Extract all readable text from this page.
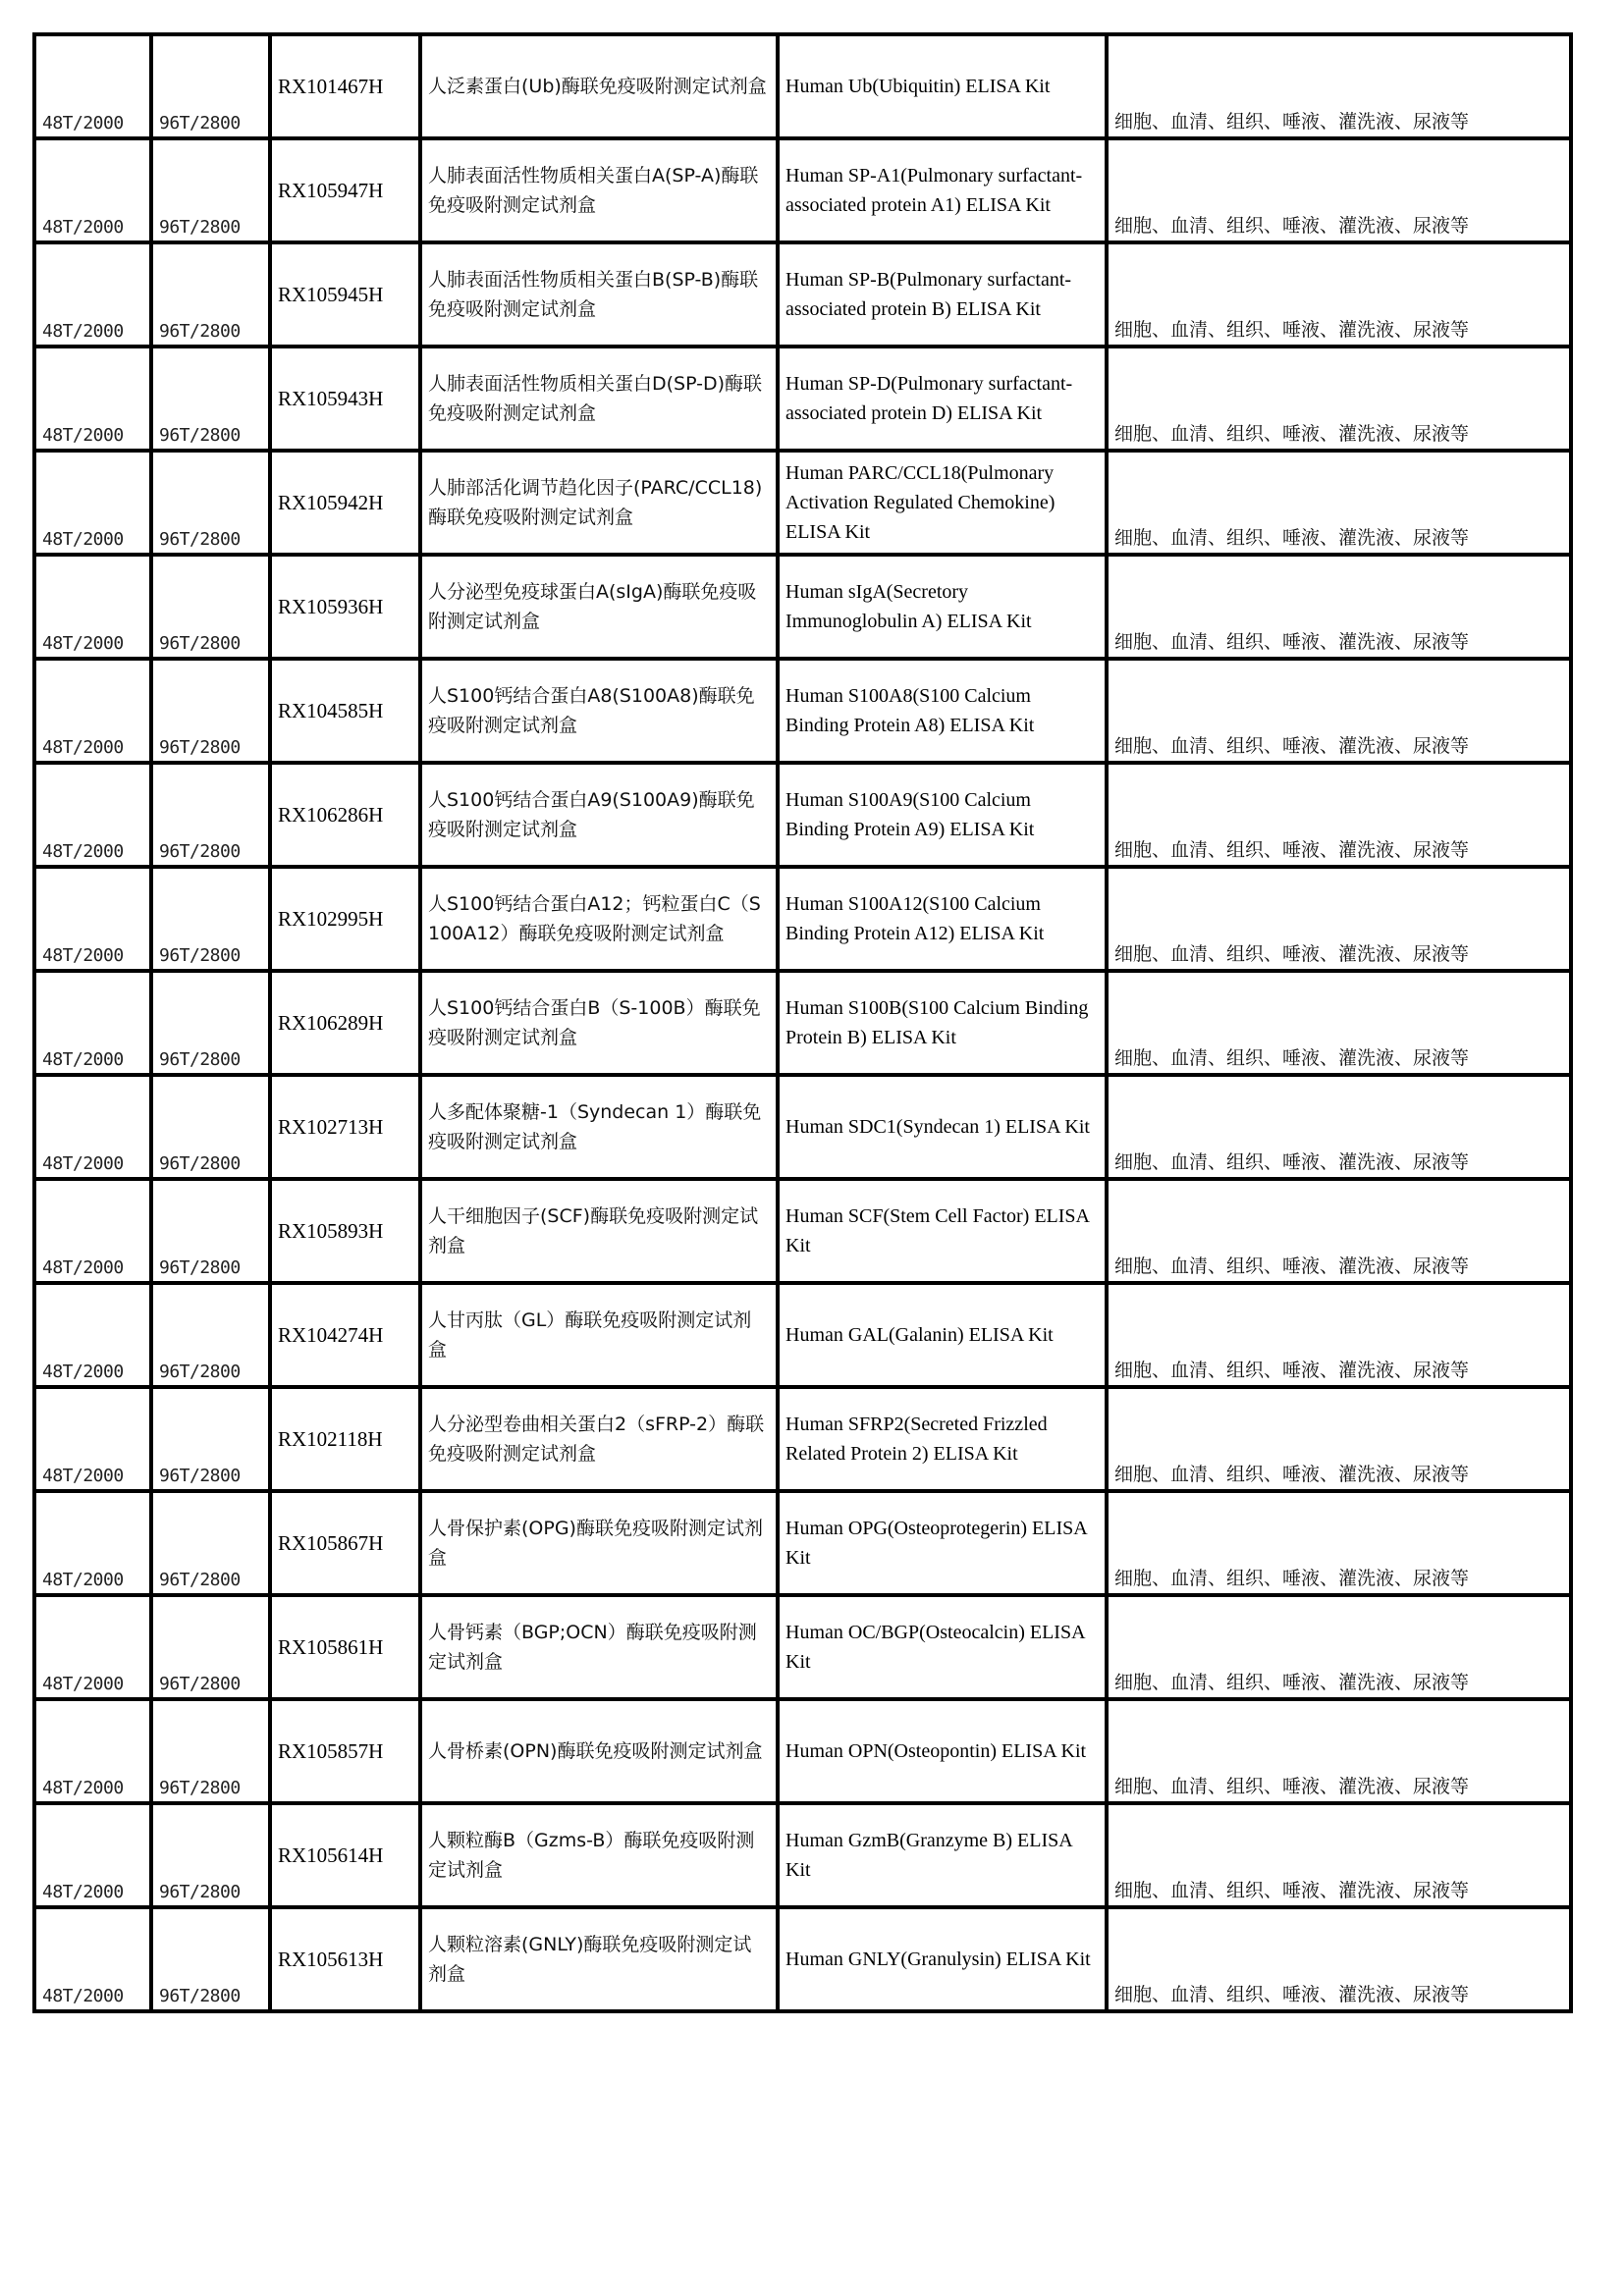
48T/2000	96T/2800	RX101467H	人泛素蛋白(Ub)酶联免疫吸附测定试剂盒	Human Ub(Ubiquitin) ELISA Kit	细胞、血清、组织、唾液、灌洗液、尿液等
48T/2000	96T/2800	RX105947H	人肺表面活性物质相关蛋白A(SP-A)酶联免疫吸附测定试剂盒	Human SP-A1(Pulmonary surfactant-associated protein A1) ELISA Kit	细胞、血清、组织、唾液、灌洗液、尿液等
48T/2000	96T/2800	RX105945H	人肺表面活性物质相关蛋白B(SP-B)酶联免疫吸附测定试剂盒	Human SP-B(Pulmonary surfactant-associated protein B) ELISA Kit	细胞、血清、组织、唾液、灌洗液、尿液等
48T/2000	96T/2800	RX105943H	人肺表面活性物质相关蛋白D(SP-D)酶联免疫吸附测定试剂盒	Human SP-D(Pulmonary surfactant-associated protein D) ELISA Kit	细胞、血清、组织、唾液、灌洗液、尿液等
48T/2000	96T/2800	RX105942H	人肺部活化调节趋化因子(PARC/CCL18)酶联免疫吸附测定试剂盒	Human PARC/CCL18(Pulmonary Activation Regulated Chemokine) ELISA Kit	细胞、血清、组织、唾液、灌洗液、尿液等
48T/2000	96T/2800	RX105936H	人分泌型免疫球蛋白A(sIgA)酶联免疫吸附测定试剂盒	Human sIgA(Secretory Immunoglobulin A) ELISA Kit	细胞、血清、组织、唾液、灌洗液、尿液等
48T/2000	96T/2800	RX104585H	人S100钙结合蛋白A8(S100A8)酶联免疫吸附测定试剂盒	Human S100A8(S100 Calcium Binding Protein A8) ELISA Kit	细胞、血清、组织、唾液、灌洗液、尿液等
48T/2000	96T/2800	RX106286H	人S100钙结合蛋白A9(S100A9)酶联免疫吸附测定试剂盒	Human S100A9(S100 Calcium Binding Protein A9) ELISA Kit	细胞、血清、组织、唾液、灌洗液、尿液等
48T/2000	96T/2800	RX102995H	人S100钙结合蛋白A12；钙粒蛋白C（S100A12）酶联免疫吸附测定试剂盒	Human S100A12(S100 Calcium Binding Protein A12) ELISA Kit	细胞、血清、组织、唾液、灌洗液、尿液等
48T/2000	96T/2800	RX106289H	人S100钙结合蛋白B（S-100B）酶联免疫吸附测定试剂盒	Human S100B(S100 Calcium Binding Protein B) ELISA Kit	细胞、血清、组织、唾液、灌洗液、尿液等
48T/2000	96T/2800	RX102713H	人多配体聚糖-1（Syndecan 1）酶联免疫吸附测定试剂盒	Human SDC1(Syndecan 1) ELISA Kit	细胞、血清、组织、唾液、灌洗液、尿液等
48T/2000	96T/2800	RX105893H	人干细胞因子(SCF)酶联免疫吸附测定试剂盒	Human SCF(Stem Cell Factor) ELISA Kit	细胞、血清、组织、唾液、灌洗液、尿液等
48T/2000	96T/2800	RX104274H	人甘丙肽（GL）酶联免疫吸附测定试剂盒	Human GAL(Galanin) ELISA Kit	细胞、血清、组织、唾液、灌洗液、尿液等
48T/2000	96T/2800	RX102118H	人分泌型卷曲相关蛋白2（sFRP-2）酶联免疫吸附测定试剂盒	Human SFRP2(Secreted Frizzled Related Protein 2) ELISA Kit	细胞、血清、组织、唾液、灌洗液、尿液等
48T/2000	96T/2800	RX105867H	人骨保护素(OPG)酶联免疫吸附测定试剂盒	Human OPG(Osteoprotegerin) ELISA Kit	细胞、血清、组织、唾液、灌洗液、尿液等
48T/2000	96T/2800	RX105861H	人骨钙素（BGP;OCN）酶联免疫吸附测定试剂盒	Human OC/BGP(Osteocalcin) ELISA Kit	细胞、血清、组织、唾液、灌洗液、尿液等
48T/2000	96T/2800	RX105857H	人骨桥素(OPN)酶联免疫吸附测定试剂盒	Human OPN(Osteopontin) ELISA Kit	细胞、血清、组织、唾液、灌洗液、尿液等
48T/2000	96T/2800	RX105614H	人颗粒酶B（Gzms-B）酶联免疫吸附测定试剂盒	Human GzmB(Granzyme B) ELISA Kit	细胞、血清、组织、唾液、灌洗液、尿液等
48T/2000	96T/2800	RX105613H	人颗粒溶素(GNLY)酶联免疫吸附测定试剂盒	Human GNLY(Granulysin) ELISA Kit	细胞、血清、组织、唾液、灌洗液、尿液等
